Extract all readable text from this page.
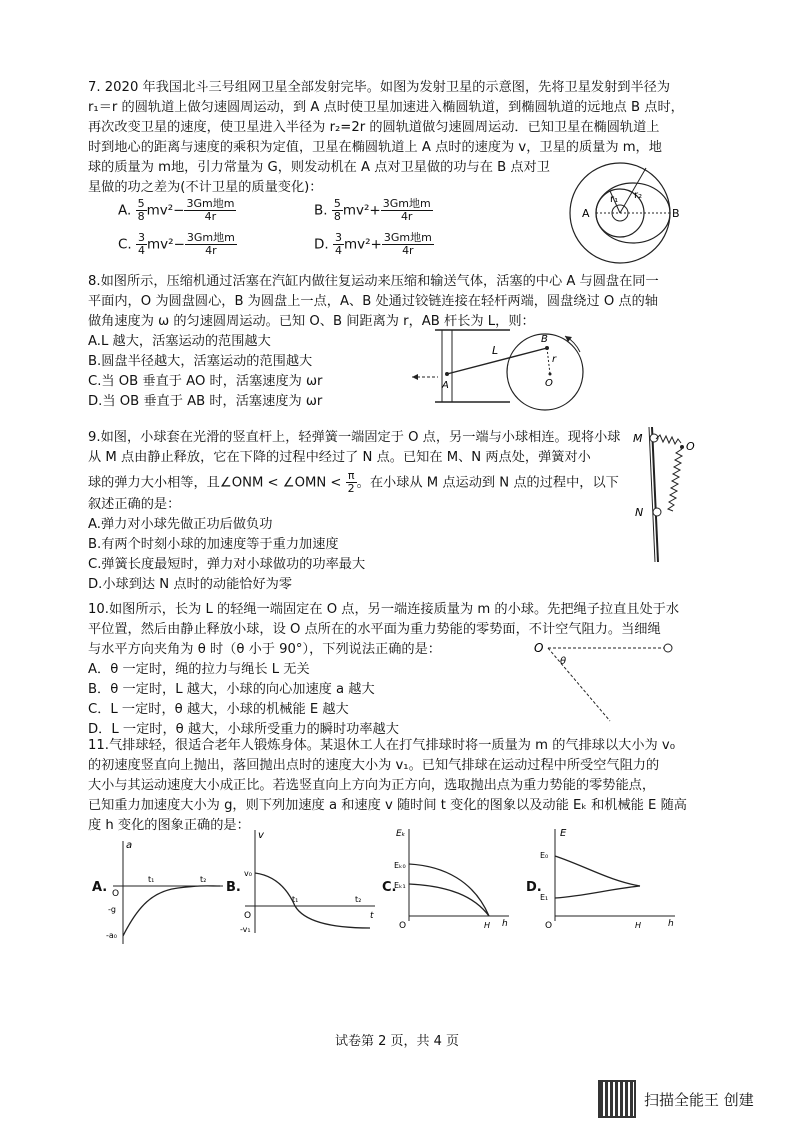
7. 2020 年我国北斗三号组网卫星全部发射完毕。如图为发射卫星的示意图，先将卫星发射到半径为

r₁＝r 的圆轨道上做匀速圆周运动，到 A 点时使卫星加速进入椭圆轨道，到椭圆轨道的远地点 B 点时，

再次改变卫星的速度，使卫星进入半径为 r₂=2r 的圆轨道做匀速圆周运动．已知卫星在椭圆轨道上

时到地心的距离与速度的乘积为定值，卫星在椭圆轨道上 A 点时的速度为 v，卫星的质量为 m，地

球的质量为 m地，引力常量为 G，则发动机在 A 点对卫星做的功与在 B 点对卫

星做的功之差为(不计卫星的质量变化)：

A. $\frac{5}{8} mv^2- \frac{\text{3Gm地m}}{4r}$	B. $\frac{5}{8} mv^2+ \frac{\text{3Gm地m}}{4r}$
C. $\frac{3}{4} mv^2- \frac{\text{3Gm地m}}{4r}$	D. $\frac{3}{4} mv^2+ \frac{\text{3Gm地m}}{4r}$
A	B
r₁ r₂

8.如图所示，压缩机通过活塞在汽缸内做往复运动来压缩和输送气体，活塞的中心 A 与圆盘在同一

平面内，O 为圆盘圆心，B 为圆盘上一点，A、B 处通过铰链连接在轻杆两端，圆盘绕过 O 点的轴

做角速度为 ω 的匀速圆周运动。已知 O、B 间距离为 r，AB 杆长为 L，则：

A.L 越大，活塞运动的范围越大

B.圆盘半径越大，活塞运动的范围越大

C.当 OB 垂直于 AO 时，活塞速度为 ωr

D.当 OB 垂直于 AB 时，活塞速度为 ωr

A
B
L
r
O

9.如图，小球套在光滑的竖直杆上，轻弹簧一端固定于 O 点，另一端与小球相连。现将小球

从 M 点由静止释放，它在下降的过程中经过了 N 点。已知在 M、N 两点处，弹簧对小

球的弹力大小相等，且∠ONM < ∠OMN < $\frac{\pi}{2}$ 。在小球从 M 点运动到 N 点的过程中，以下

叙述正确的是：

A.弹力对小球先做正功后做负功

B.有两个时刻小球的加速度等于重力加速度

C.弹簧长度最短时，弹力对小球做功的功率最大

D.小球到达 N 点时的动能恰好为零

M
O
N

10.如图所示，长为 L 的轻绳一端固定在 O 点，另一端连接质量为 m 的小球。先把绳子拉直且处于水

平位置，然后由静止释放小球，设 O 点所在的水平面为重力势能的零势面，不计空气阻力。当细绳

与水平方向夹角为 θ 时（θ 小于 90°），下列说法正确的是：

A．θ 一定时，绳的拉力与绳长 L 无关

B．θ 一定时，L 越大，小球的向心加速度 a 越大

C．L 一定时，θ 越大，小球的机械能 E 越大

D．L 一定时，θ 越大，小球所受重力的瞬时功率越大

O
θ

11.气排球轻，很适合老年人锻炼身体。某退休工人在打气排球时将一质量为 m 的气排球以大小为 v₀

的初速度竖直向上抛出，落回抛出点时的速度大小为 v₁。已知气排球在运动过程中所受空气阻力的

大小与其运动速度大小成正比。若选竖直向上方向为正方向，选取抛出点为重力势能的零势能点，

已知重力加速度大小为 g，则下列加速度 a 和速度 v 随时间 t 变化的图象以及动能 Eₖ 和机械能 E 随高

度 h 变化的图象正确的是：

A.
a
O
t₁	t₂
-g
-a₀
B.
v
v₀
O
-v₁
t₁	t₂
t
C.
Eₖ
Eₖ₀
Eₖ₁
O	H h
D.
E
E₀
E₁
O	H	h
试卷第 2 页，共 4 页
扫描全能王 创建
